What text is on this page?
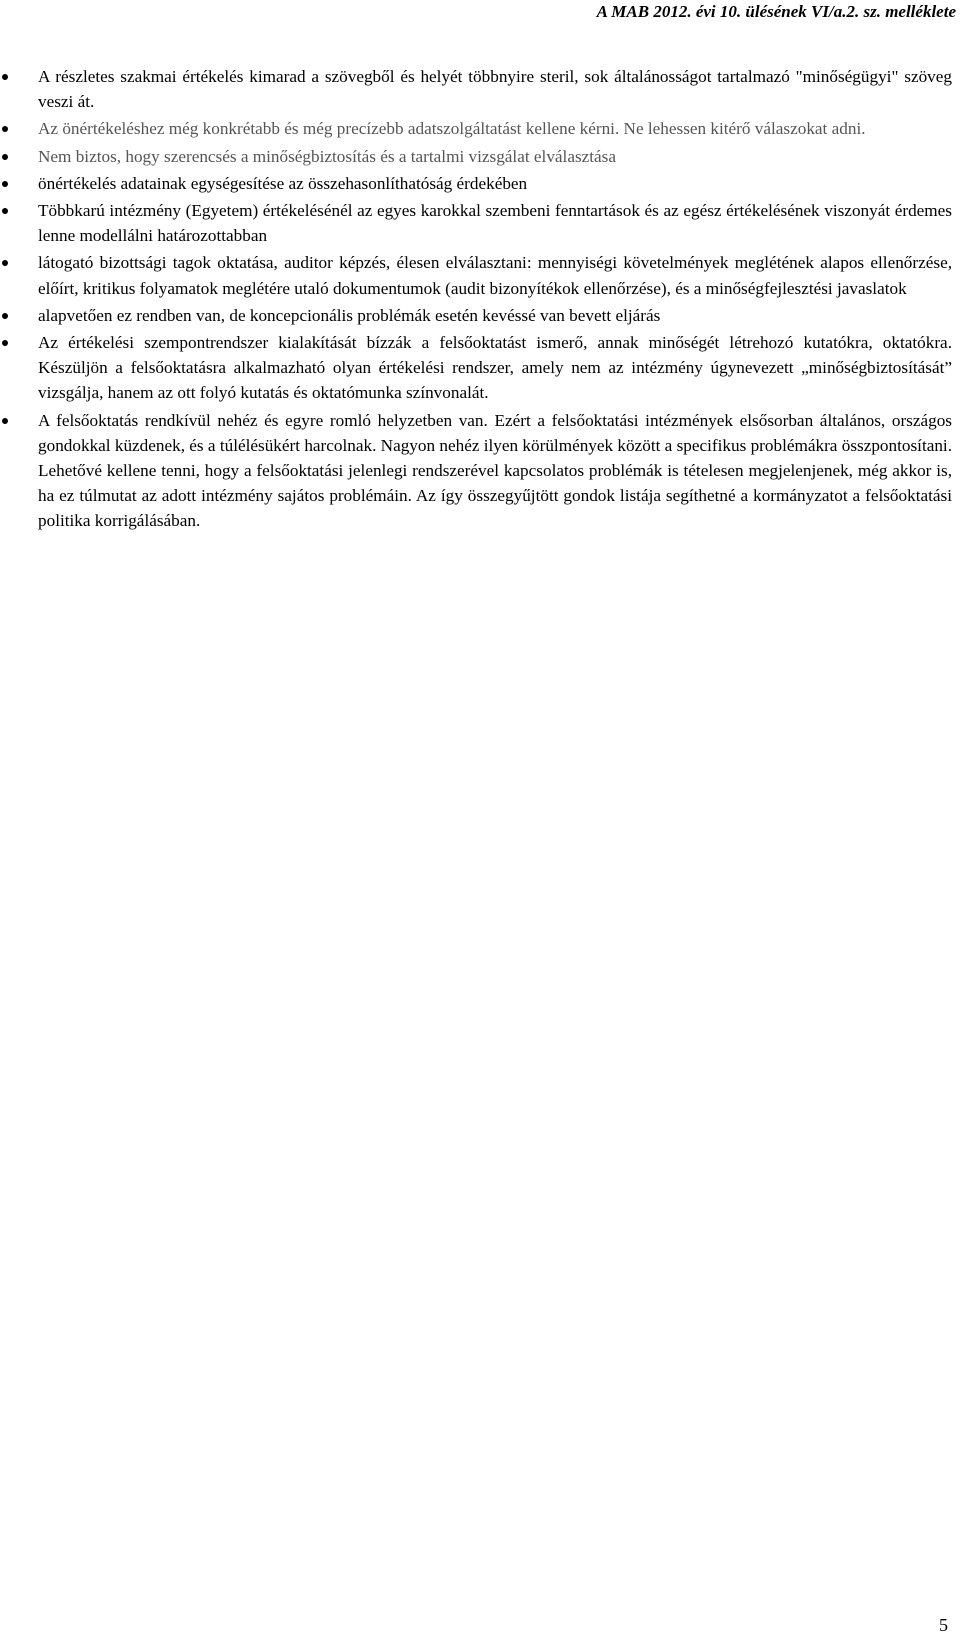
A MAB 2012. évi 10. ülésének VI/a.2. sz. melléklete
A részletes szakmai értékelés kimarad a szövegből és helyét többnyire steril, sok általánosságot tartalmazó "minőségügyi" szöveg veszi át.
Az önértékeléshez még konkrétabb és még precízebb adatszolgáltatást kellene kérni. Ne lehessen kitérő válaszokat adni.
Nem biztos, hogy szerencsés a minőségbiztosítás és a tartalmi vizsgálat elválasztása
önértékelés adatainak egységesítése az összehasonlíthatóság érdekében
Többkarú intézmény (Egyetem) értékelésénél az egyes karokkal szembeni fenntartások és az egész értékelésének viszonyát érdemes lenne modellálni határozottabban
látogató bizottsági tagok oktatása, auditor képzés, élesen elválasztani: mennyiségi követelmények meglétének alapos ellenőrzése, előírt, kritikus folyamatok meglétére utaló dokumentumok (audit bizonyítékok ellenőrzése), és a minőségfejlesztési javaslatok
alapvetően ez rendben van, de koncepcionális problémák esetén kevéssé van bevett eljárás
Az értékelési szempontrendszer kialakítását bízzák a felsőoktatást ismerő, annak minőségét létrehozó kutatókra, oktatókra. Készüljön a felsőoktatásra alkalmazható olyan értékelési rendszer, amely nem az intézmény úgynevezett „minőségbiztosítását” vizsgálja, hanem az ott folyó kutatás és oktatómunka színvonalát.
A felsőoktatás rendkívül nehéz és egyre romló helyzetben van. Ezért a felsőoktatási intézmények elsősorban általános, országos gondokkal küzdenek, és a túlélésükért harcolnak. Nagyon nehéz ilyen körülmények között a specifikus problémákra összpontosítani. Lehetővé kellene tenni, hogy a felsőoktatási jelenlegi rendszerével kapcsolatos problémák is tételesen megjelenjenek, még akkor is, ha ez túlmutat az adott intézmény sajátos problémáin. Az így összegyűjtött gondok listája segíthetné a kormányzatot a felsőoktatási politika korrigálásában.
5
